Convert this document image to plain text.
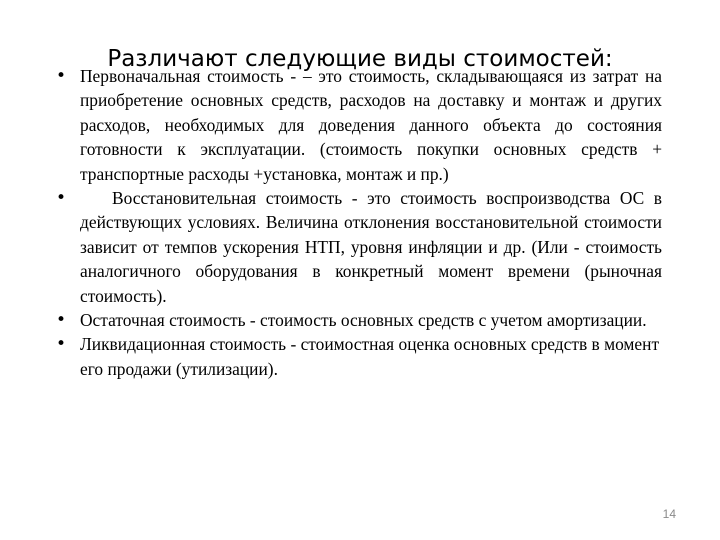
Различают следующие виды стоимостей:
• Первоначальная стоимость - – это стоимость, складывающаяся из затрат на приобретение основных средств, расходов на доставку и монтаж и других расходов, необходимых для доведения данного объекта до состояния готовности к эксплуатации. (стоимость покупки основных средств + транспортные расходы +установка, монтаж и пр.)
•	Восстановительная стоимость - это стоимость воспроизводства ОС в действующих условиях. Величина отклонения восстановительной стоимости зависит от темпов ускорения НТП, уровня инфляции и др. (Или - стоимость аналогичного оборудования в конкретный момент времени (рыночная стоимость).
• Остаточная стоимость - стоимость основных средств с учетом амортизации.
• Ликвидационная стоимость - стоимостная оценка основных средств в момент его продажи (утилизации).
14
